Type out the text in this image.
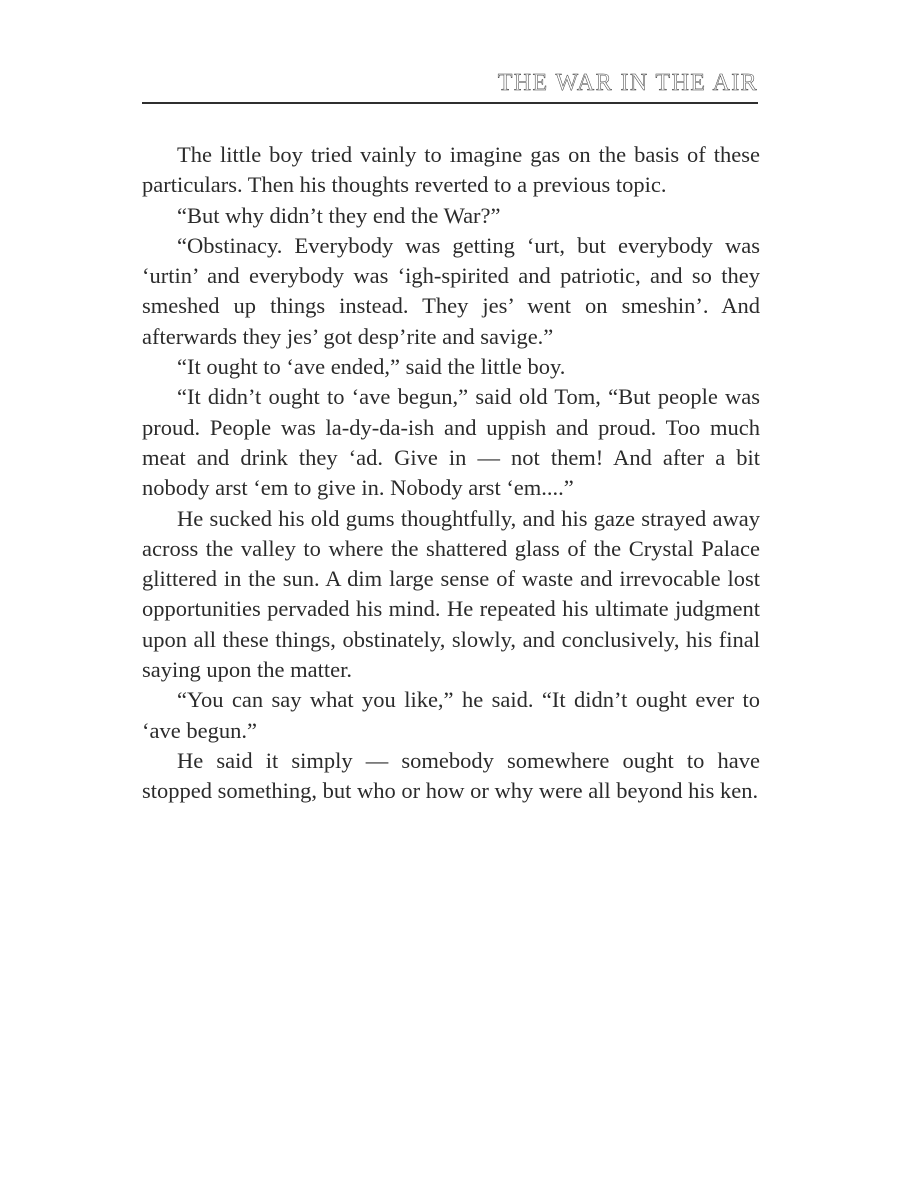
THE WAR IN THE AIR

The little boy tried vainly to imagine gas on the basis of these particulars. Then his thoughts reverted to a previous topic.

“But why didn’t they end the War?”

“Obstinacy. Everybody was getting ‘urt, but everybody was ‘urtin’ and everybody was ‘igh-spirited and patriotic, and so they smeshed up things instead. They jes’ went on smeshin’. And afterwards they jes’ got desp’rite and savige.”

“It ought to ‘ave ended,” said the little boy.

“It didn’t ought to ‘ave begun,” said old Tom, “But people was proud. People was la-dy-da-ish and uppish and proud. Too much meat and drink they ‘ad. Give in — not them! And after a bit nobody arst ‘em to give in. Nobody arst ‘em....”

He sucked his old gums thoughtfully, and his gaze strayed away across the valley to where the shattered glass of the Crystal Palace glittered in the sun. A dim large sense of waste and irrevocable lost opportunities pervaded his mind. He repeated his ultimate judgment upon all these things, obstinately, slowly, and conclusively, his final saying upon the matter.

“You can say what you like,” he said. “It didn’t ought ever to ‘ave begun.”

He said it simply — somebody somewhere ought to have stopped something, but who or how or why were all beyond his ken.
